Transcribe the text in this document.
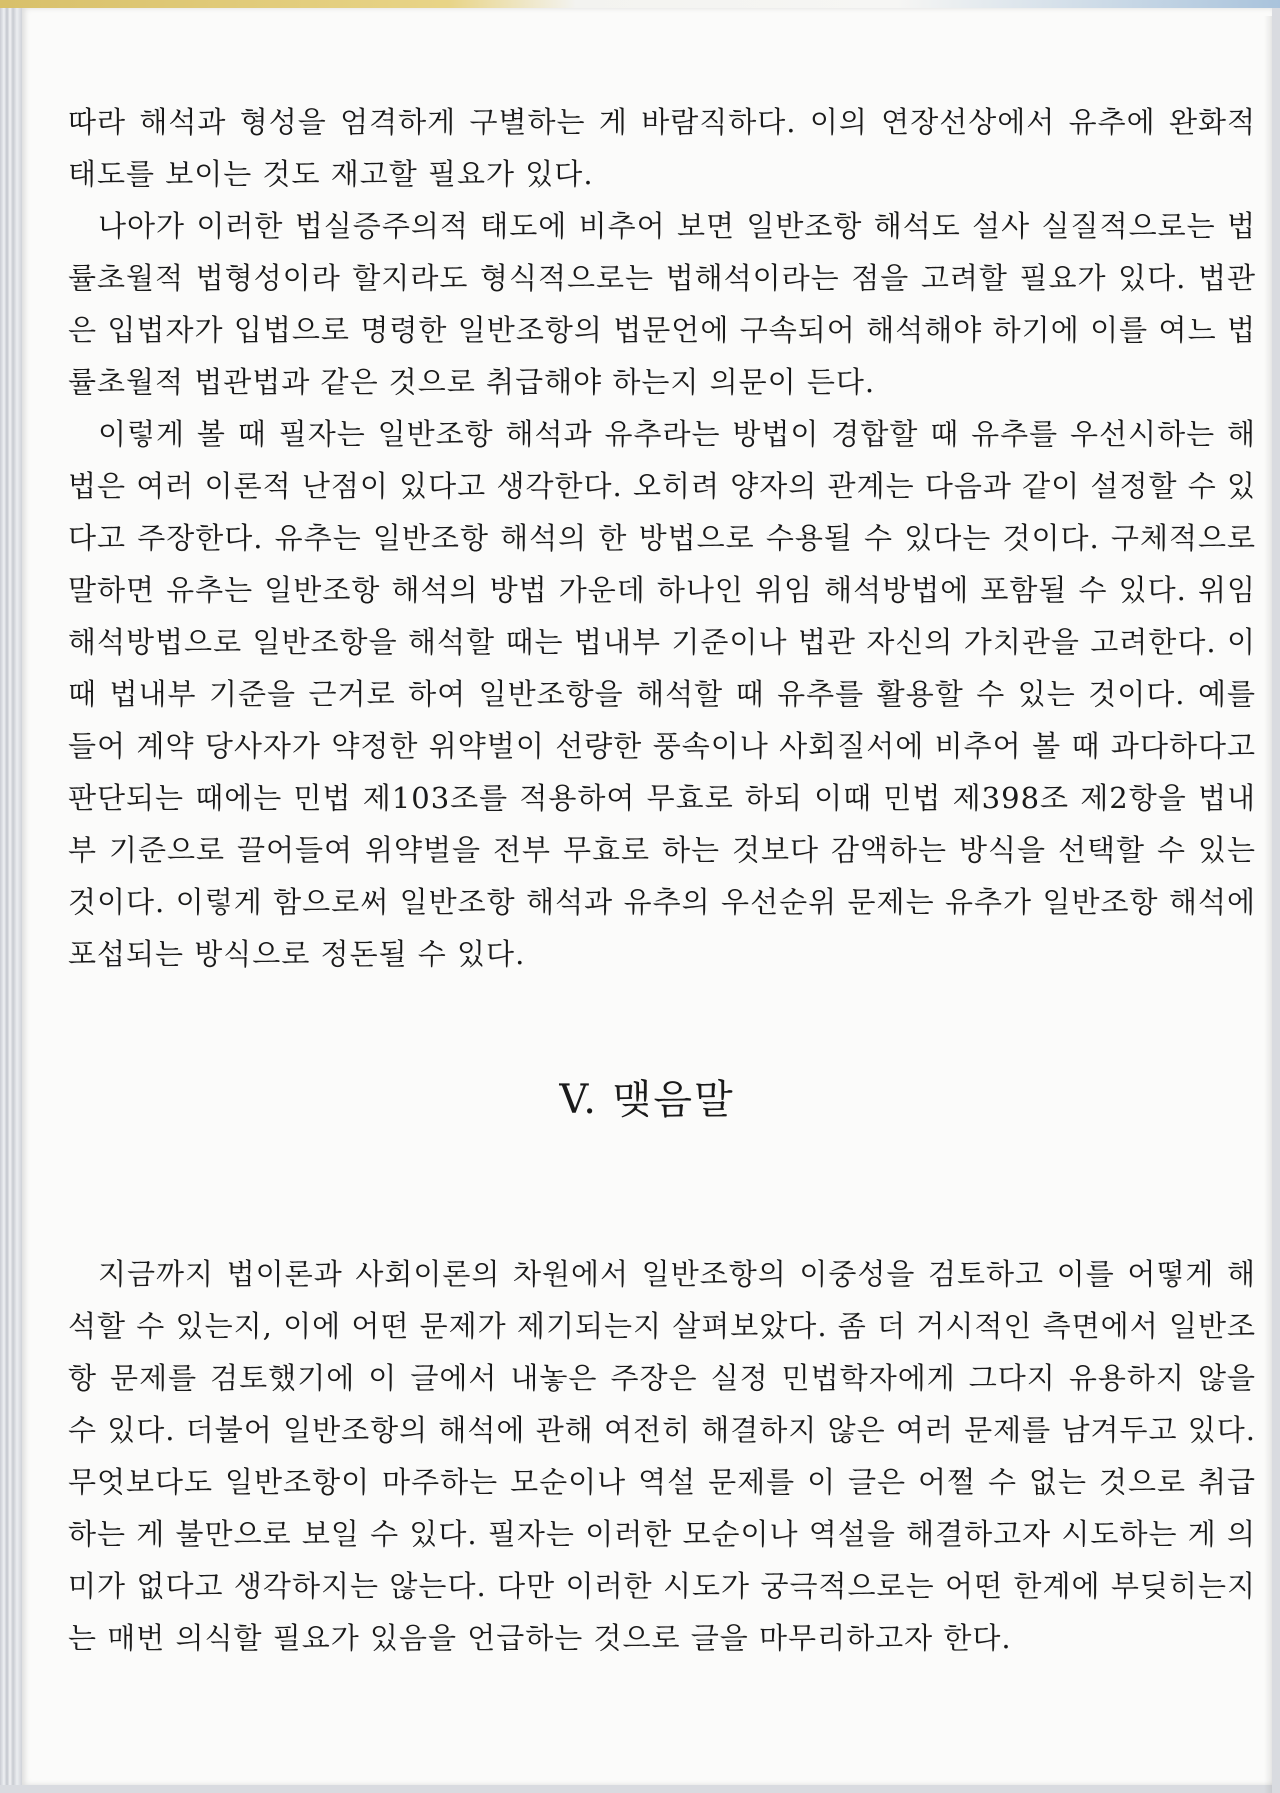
따라 해석과 형성을 엄격하게 구별하는 게 바람직하다. 이의 연장선상에서 유추에 완화적 태도를 보이는 것도 재고할 필요가 있다.

나아가 이러한 법실증주의적 태도에 비추어 보면 일반조항 해석도 설사 실질적으로는 법률초월적 법형성이라 할지라도 형식적으로는 법해석이라는 점을 고려할 필요가 있다. 법관은 입법자가 입법으로 명령한 일반조항의 법문언에 구속되어 해석해야 하기에 이를 여느 법률초월적 법관법과 같은 것으로 취급해야 하는지 의문이 든다.

이렇게 볼 때 필자는 일반조항 해석과 유추라는 방법이 경합할 때 유추를 우선시하는 해법은 여러 이론적 난점이 있다고 생각한다. 오히려 양자의 관계는 다음과 같이 설정할 수 있다고 주장한다. 유추는 일반조항 해석의 한 방법으로 수용될 수 있다는 것이다. 구체적으로 말하면 유추는 일반조항 해석의 방법 가운데 하나인 위임 해석방법에 포함될 수 있다. 위임 해석방법으로 일반조항을 해석할 때는 법내부 기준이나 법관 자신의 가치관을 고려한다. 이때 법내부 기준을 근거로 하여 일반조항을 해석할 때 유추를 활용할 수 있는 것이다. 예를 들어 계약 당사자가 약정한 위약벌이 선량한 풍속이나 사회질서에 비추어 볼 때 과다하다고 판단되는 때에는 민법 제103조를 적용하여 무효로 하되 이때 민법 제398조 제2항을 법내부 기준으로 끌어들여 위약벌을 전부 무효로 하는 것보다 감액하는 방식을 선택할 수 있는 것이다. 이렇게 함으로써 일반조항 해석과 유추의 우선순위 문제는 유추가 일반조항 해석에 포섭되는 방식으로 정돈될 수 있다.

V. 맺음말

지금까지 법이론과 사회이론의 차원에서 일반조항의 이중성을 검토하고 이를 어떻게 해석할 수 있는지, 이에 어떤 문제가 제기되는지 살펴보았다. 좀 더 거시적인 측면에서 일반조항 문제를 검토했기에 이 글에서 내놓은 주장은 실정 민법학자에게 그다지 유용하지 않을 수 있다. 더불어 일반조항의 해석에 관해 여전히 해결하지 않은 여러 문제를 남겨두고 있다. 무엇보다도 일반조항이 마주하는 모순이나 역설 문제를 이 글은 어쩔 수 없는 것으로 취급하는 게 불만으로 보일 수 있다. 필자는 이러한 모순이나 역설을 해결하고자 시도하는 게 의미가 없다고 생각하지는 않는다. 다만 이러한 시도가 궁극적으로는 어떤 한계에 부딪히는지는 매번 의식할 필요가 있음을 언급하는 것으로 글을 마무리하고자 한다.
